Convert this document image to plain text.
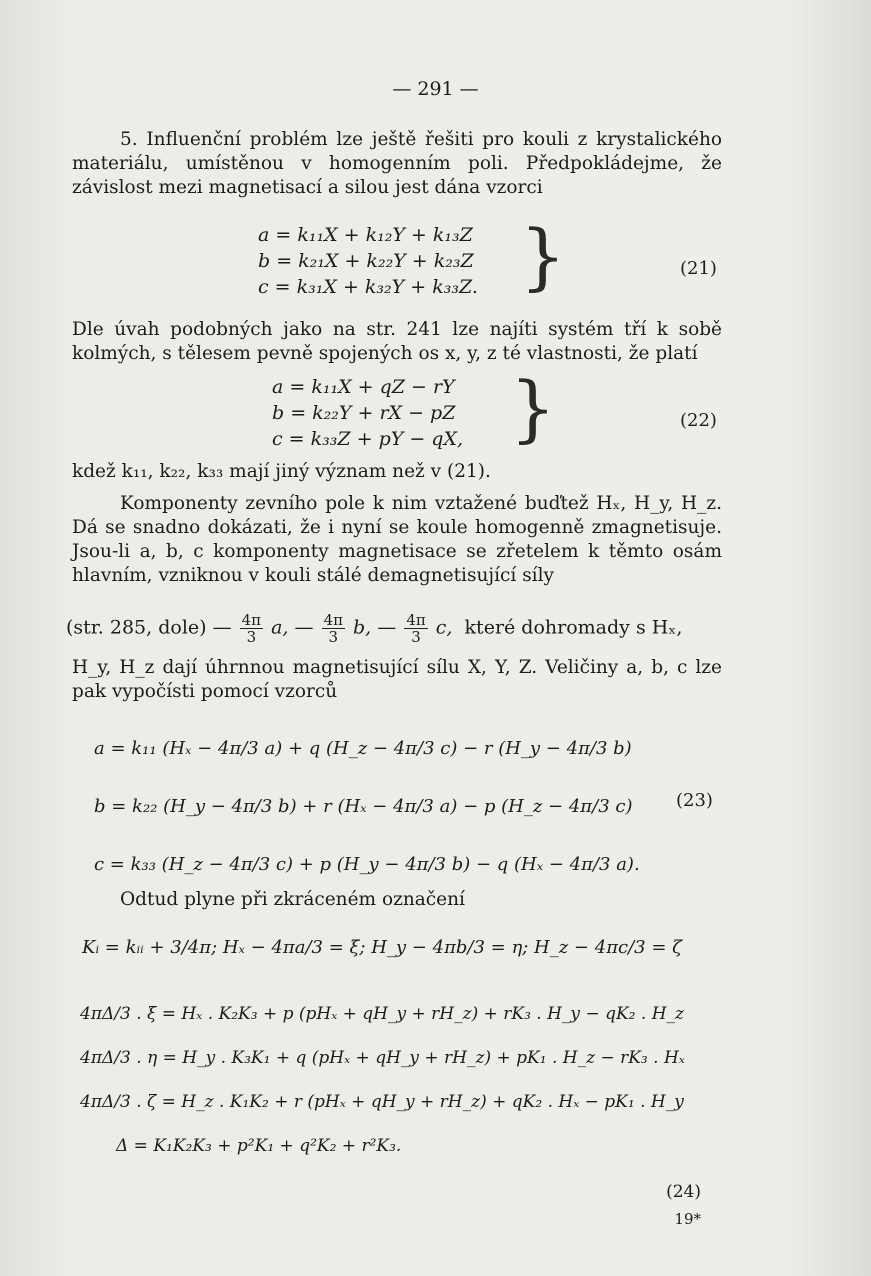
— 291 —

5. Influenční problém lze ještě řešiti pro kouli z krystalického materiálu, umístěnou v homogenním poli. Předpokládejme, že závislost mezi magnetisací a silou jest dána vzorci

a = k₁₁X + k₁₂Y + k₁₃Z
b = k₂₁X + k₂₂Y + k₂₃Z
c = k₃₁X + k₃₂Y + k₃₃Z. }	(21)

Dle úvah podobných jako na str. 241 lze najíti systém tří k sobě kolmých, s tělesem pevně spojených os x, y, z té vlastnosti, že platí

a = k₁₁X + qZ − rY
b = k₂₂Y + rX − pZ
c = k₃₃Z + pY − qX, }	(22)

kdež k₁₁, k₂₂, k₃₃ mají jiný význam než v (21).

Komponenty zevního pole k nim vztažené buďtež Hₓ, H_y, H_z. Dá se snadno dokázati, že i nyní se koule homogenně zmagnetisuje. Jsou-li a, b, c komponenty magnetisace se zřetelem k těmto osám hlavním, vzniknou v kouli stálé demagnetisující síly

(str. 285, dole) — $\frac{4\pi}{3} a$, — $\frac{4\pi}{3} b$, — $\frac{4\pi}{3} c$, které dohromady s Hₓ,

H_y, H_z dají úhrnnou magnetisující sílu X, Y, Z. Veličiny a, b, c lze pak vypočísti pomocí vzorců

a = k₁₁ (Hₓ − 4π/3 a) + q (H_z − 4π/3 c) − r (H_y − 4π/3 b)
b = k₂₂ (H_y − 4π/3 b) + r (Hₓ − 4π/3 a) − p (H_z − 4π/3 c)
c = k₃₃ (H_z − 4π/3 c) + p (H_y − 4π/3 b) − q (Hₓ − 4π/3 a).
(23)

Odtud plyne při zkráceném označení

Kᵢ = kᵢᵢ + 3/4π; Hₓ − 4πa/3 = ξ; H_y − 4πb/3 = η; H_z − 4πc/3 = ζ
4πΔ/3 . ξ = Hₓ . K₂K₃ + p (pHₓ + qH_y + rH_z) + rK₃ . H_y − qK₂ . H_z
4πΔ/3 . η = H_y . K₃K₁ + q (pHₓ + qH_y + rH_z) + pK₁ . H_z − rK₃ . Hₓ
4πΔ/3 . ζ = H_z . K₁K₂ + r (pHₓ + qH_y + rH_z) + qK₂ . Hₓ − pK₁ . H_y
Δ = K₁K₂K₃ + p²K₁ + q²K₂ + r²K₃.
(24)
19*
